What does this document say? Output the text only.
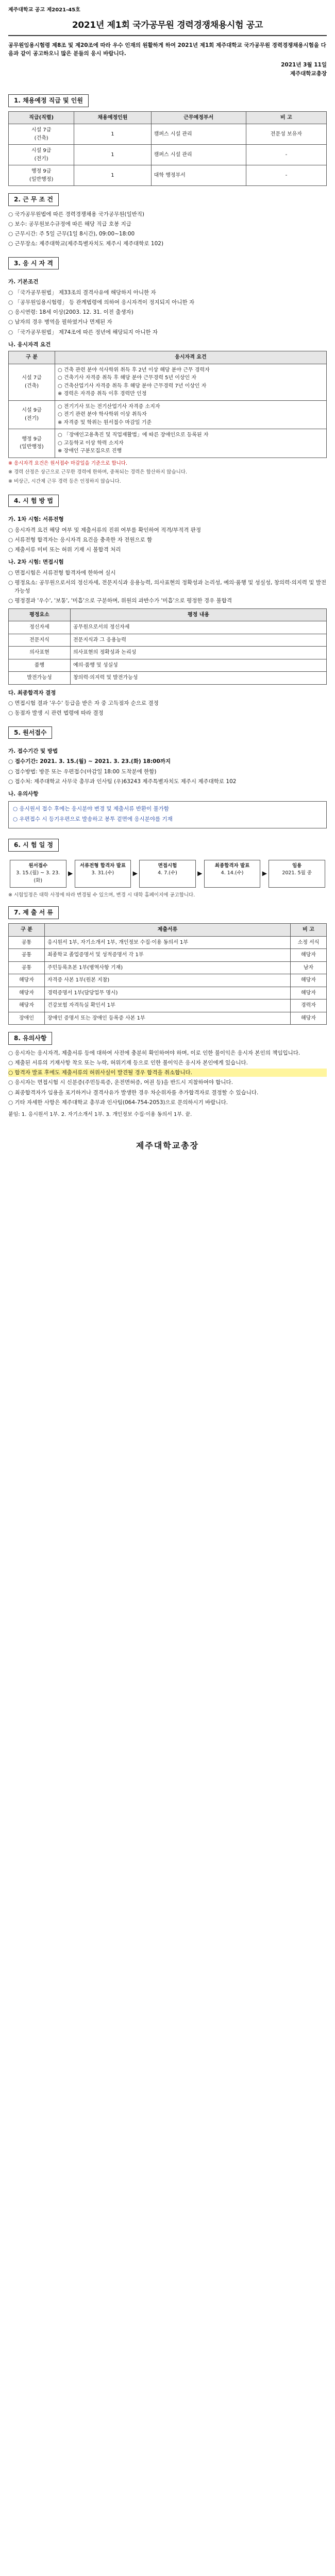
제주대학교 공고 제2021-45호
2021년 제1회 국가공무원 경력경쟁채용시험 공고
공무원임용시험령 제8조 및 제20조에 따라 우수 인재의 원활하게 하여 2021년 제1회 제주대학교 국가공무원 경력경쟁채용시험을 다음과 같이 공고하오니 많은 분들의 응시 바랍니다.
2021년 3월 11일
제주대학교총장
1. 채용예정 직급 및 인원
직급(직렬)	채용예정인원	근무예정부서	비 고
시설 7급
(건축)	1	캠퍼스 시설 관리	전문성 보유자
시설 9급
(전기)	1	캠퍼스 시설 관리	-
행정 9급
(일반행정)	1	대학 행정부서	-
2. 근 무 조 건

○ 국가공무원법에 따른 경력경쟁채용 국가공무원(일반직)

○ 보수: 공무원보수규정에 따른 해당 직급 호봉 지급

○ 근무시간: 주 5일 근무(1일 8시간), 09:00~18:00

○ 근무장소: 제주대학교(제주특별자치도 제주시 제주대학로 102)

3. 응 시 자 격
가. 기본조건

○ 「국가공무원법」 제33조의 결격사유에 해당하지 아니한 자

○ 「공무원임용시험령」 등 관계법령에 의하여 응시자격이 정지되지 아니한 자

○ 응시연령: 18세 이상(2003. 12. 31. 이전 출생자)

○ 남자의 경우 병역을 필하였거나 면제된 자

○ 「국가공무원법」 제74조에 따른 정년에 해당되지 아니한 자

나. 응시자격 요건
구 분	응시자격 요건
시설 7급
(건축)	○ 건축 관련 분야 석사학위 취득 후 2년 이상 해당 분야 근무 경력자
○ 건축기사 자격증 취득 후 해당 분야 근무경력 5년 이상인 자
○ 건축산업기사 자격증 취득 후 해당 분야 근무경력 7년 이상인 자
※ 경력은 자격증 취득 이후 경력만 인정
시설 9급
(전기)	○ 전기기사 또는 전기산업기사 자격증 소지자
○ 전기 관련 분야 학사학위 이상 취득자
※ 자격증 및 학위는 원서접수 마감일 기준
행정 9급
(일반행정)	○ 「장애인고용촉진 및 직업재활법」에 따른 장애인으로 등록된 자
○ 고등학교 이상 학력 소지자
※ 장애인 구분모집으로 진행

※ 응시자격 요건은 원서접수 마감일을 기준으로 합니다.

※ 경력 산정은 상근으로 근무한 경력에 한하며, 중복되는 경력은 합산하지 않습니다.

※ 비상근, 시간제 근무 경력 등은 인정하지 않습니다.

4. 시 험 방 법
가. 1차 시험: 서류전형

○ 응시자격 요건 해당 여부 및 제출서류의 진위 여부를 확인하여 적격/부적격 판정

○ 서류전형 합격자는 응시자격 요건을 충족한 자 전원으로 함

○ 제출서류 미비 또는 허위 기재 시 불합격 처리

나. 2차 시험: 면접시험

○ 면접시험은 서류전형 합격자에 한하여 실시

○ 평정요소: 공무원으로서의 정신자세, 전문지식과 응용능력, 의사표현의 정확성과 논리성, 예의·품행 및 성실성, 창의력·의지력 및 발전가능성

○ 평정결과 '우수', '보통', '미흡'으로 구분하며, 위원의 과반수가 '미흡'으로 평정한 경우 불합격

평정요소	평정 내용
정신자세	공무원으로서의 정신자세
전문지식	전문지식과 그 응용능력
의사표현	의사표현의 정확성과 논리성
품행	예의·품행 및 성실성
발전가능성	창의력·의지력 및 발전가능성
다. 최종합격자 결정

○ 면접시험 결과 '우수' 등급을 받은 자 중 고득점자 순으로 결정

○ 동점자 발생 시 관련 법령에 따라 결정

5. 원서접수
가. 접수기간 및 방법

○ 접수기간: 2021. 3. 15.(월) ~ 2021. 3. 23.(화) 18:00까지

○ 접수방법: 방문 또는 우편접수(마감일 18:00 도착분에 한함)

○ 접수처: 제주대학교 사무국 총무과 인사팀 (우)63243 제주특별자치도 제주시 제주대학로 102

나. 유의사항

○ 응시원서 접수 후에는 응시분야 변경 및 제출서류 반환이 불가함

○ 우편접수 시 등기우편으로 발송하고 봉투 겉면에 응시분야를 기재

6. 시 험 일 정
원서접수
3. 15.(월) ~ 3. 23.(화)
▶
서류전형 합격자 발표
3. 31.(수)	▶
면접시험
4. 7.(수)	▶
최종합격자 발표
4. 14.(수)	▶
임용
2021. 5월 중
※ 시험일정은 대학 사정에 따라 변경될 수 있으며, 변경 시 대학 홈페이지에 공고합니다.
7. 제 출 서 류
구 분	제출서류	비 고
공통	응시원서 1부, 자기소개서 1부, 개인정보 수집·이용 동의서 1부	소정 서식
공통	최종학교 졸업증명서 및 성적증명서 각 1부	해당자
공통	주민등록초본 1부(병역사항 기재)	남자
해당자	자격증 사본 1부(원본 지참)	해당자
해당자	경력증명서 1부(담당업무 명시)	해당자
해당자	건강보험 자격득실 확인서 1부	경력자
장애인	장애인 증명서 또는 장애인 등록증 사본 1부	해당자
8. 유의사항

○ 응시자는 응시자격, 제출서류 등에 대하여 사전에 충분히 확인하여야 하며, 이로 인한 불이익은 응시자 본인의 책임입니다.

○ 제출된 서류의 기재사항 착오 또는 누락, 허위기재 등으로 인한 불이익은 응시자 본인에게 있습니다.

○ 합격자 발표 후에도 제출서류의 허위사실이 발견될 경우 합격을 취소합니다.

○ 응시자는 면접시험 시 신분증(주민등록증, 운전면허증, 여권 등)을 반드시 지참하여야 합니다.

○ 최종합격자가 임용을 포기하거나 결격사유가 발생한 경우 차순위자를 추가합격자로 결정할 수 있습니다.

○ 기타 자세한 사항은 제주대학교 총무과 인사팀(064-754-2053)으로 문의하시기 바랍니다.

붙임: 1. 응시원서 1부. 2. 자기소개서 1부. 3. 개인정보 수집·이용 동의서 1부. 끝.
제주대학교총장
